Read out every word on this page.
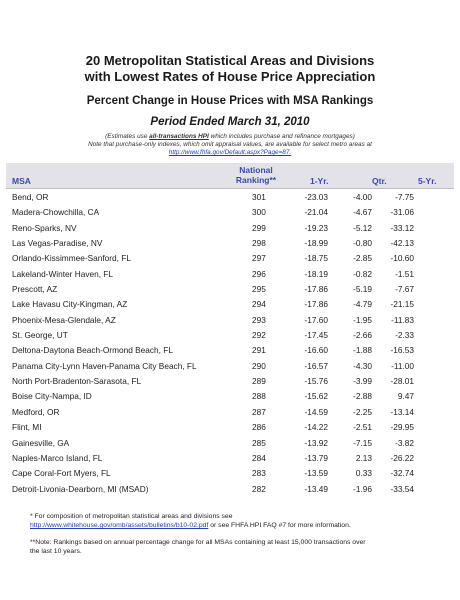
20 Metropolitan Statistical Areas and Divisions
with Lowest Rates of House Price Appreciation
Percent Change in House Prices with MSA Rankings
Period Ended March 31, 2010
(Estimates use all-transactions HPI which includes purchase and refinance mortgages)
Note that purchase-only indexes, which omit appraisal values, are available for select metro areas at
http://www.fhfa.gov/Default.aspx?Page=87.
MSA
National Ranking**	1-Yr.	Qtr.	5-Yr.
Bend, OR	301	-23.03	-4.00	-7.75
Madera-Chowchilla, CA	300	-21.04	-4.67 -31.06
Reno-Sparks, NV	299	-19.23	-5.12 -33.12
Las Vegas-Paradise, NV	298	-18.99	-0.80 -42.13
Orlando-Kissimmee-Sanford, FL	297	-18.75	-2.85 -10.60
Lakeland-Winter Haven, FL	296	-18.19	-0.82	-1.51
Prescott, AZ	295	-17.86	-5.19	-7.67
Lake Havasu City-Kingman, AZ	294	-17.86	-4.79 -21.15
Phoenix-Mesa-Glendale, AZ	293	-17.60	-1.95 -11.83
St. George, UT	292	-17.45	-2.66	-2.33
Deltona-Daytona Beach-Ormond Beach, FL	291	-16.60	-1.88 -16.53
Panama City-Lynn Haven-Panama City Beach, FL	290	-16.57	-4.30 -11.00
North Port-Bradenton-Sarasota, FL	289	-15.76	-3.99 -28.01
Boise City-Nampa, ID	288	-15.62	-2.88	9.47
Medford, OR	287	-14.59	-2.25 -13.14
Flint, MI	286	-14.22	-2.51 -29.95
Gainesville, GA	285	-13.92	-7.15	-3.82
Naples-Marco Island, FL	284	-13.79	2.13 -26.22
Cape Coral-Fort Myers, FL	283	-13.59	0.33 -32.74
Detroit-Livonia-Dearborn, MI (MSAD)	282	-13.49	-1.96 -33.54
* For composition of metropolitan statistical areas and divisions see
http://www.whitehouse.gov/omb/assets/bulletins/b10-02.pdf or see FHFA HPI FAQ #7 for more information.
**Note: Rankings based on annual percentage change for all MSAs containing at least 15,000 transactions over
the last 10 years.
